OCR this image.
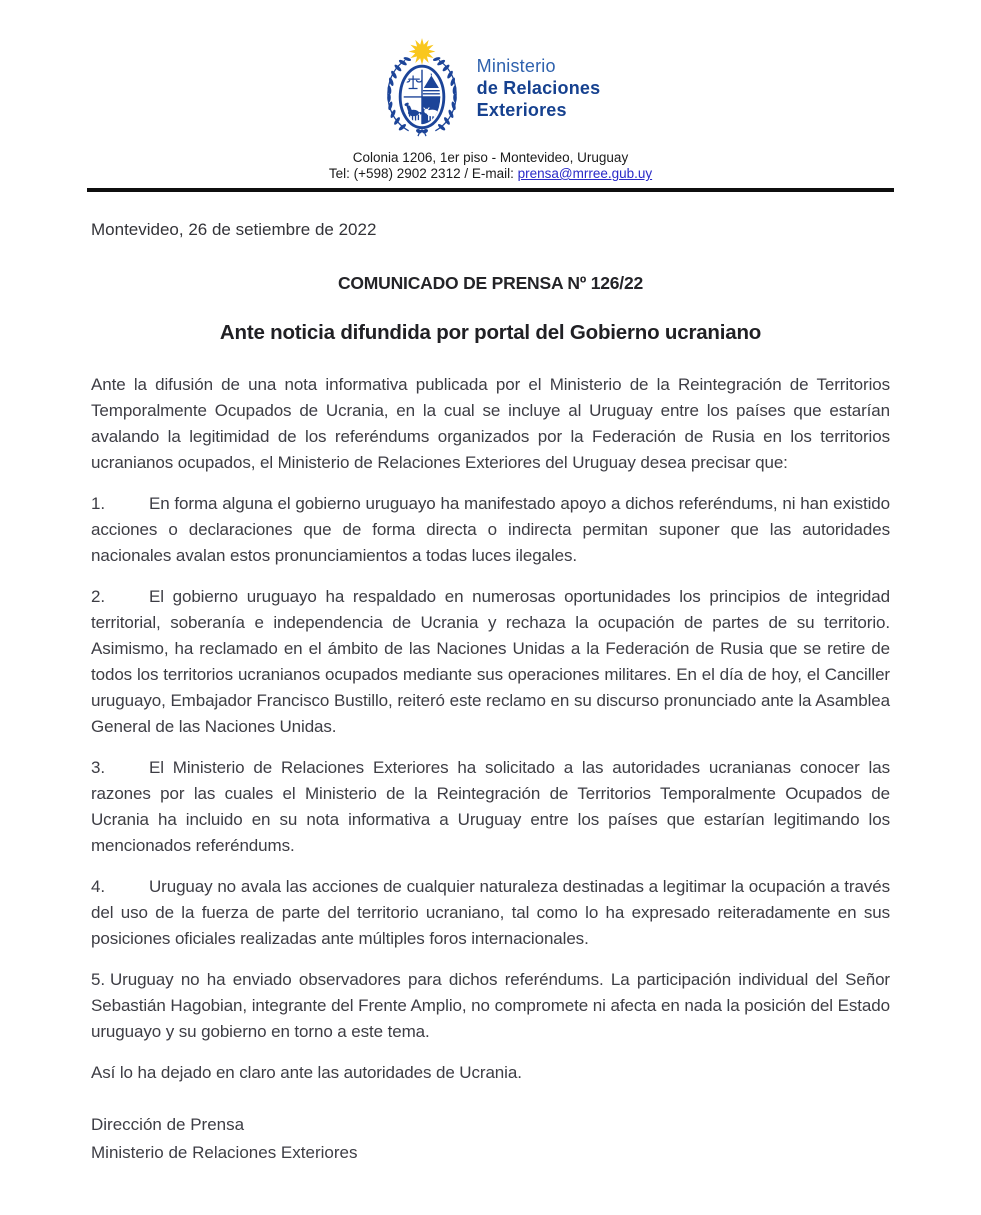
Ministerio
de Relaciones
Exteriores
Colonia 1206, 1er piso - Montevideo, Uruguay
Tel: (+598) 2902 2312 / E-mail: prensa@mrree.gub.uy
Montevideo, 26 de setiembre de 2022
COMUNICADO DE PRENSA Nº 126/22
Ante noticia difundida por portal del Gobierno ucraniano

Ante la difusión de una nota informativa publicada por el Ministerio de la Reintegración de Territorios Temporalmente Ocupados de Ucrania, en la cual se incluye al Uruguay entre los países que estarían avalando la legitimidad de los referéndums organizados por la Federación de Rusia en los territorios ucranianos ocupados, el Ministerio de Relaciones Exteriores del Uruguay desea precisar que:

1.	En forma alguna el gobierno uruguayo ha manifestado apoyo a dichos referéndums, ni han existido acciones o declaraciones que de forma directa o indirecta permitan suponer que las autoridades nacionales avalan estos pronunciamientos a todas luces ilegales.

2.	El gobierno uruguayo ha respaldado en numerosas oportunidades los principios de integridad territorial, soberanía e independencia de Ucrania y rechaza la ocupación de partes de su territorio. Asimismo, ha reclamado en el ámbito de las Naciones Unidas a la Federación de Rusia que se retire de todos los territorios ucranianos ocupados mediante sus operaciones militares. En el día de hoy, el Canciller uruguayo, Embajador Francisco Bustillo, reiteró este reclamo en su discurso pronunciado ante la Asamblea General de las Naciones Unidas.

3.	El Ministerio de Relaciones Exteriores ha solicitado a las autoridades ucranianas conocer las razones por las cuales el Ministerio de la Reintegración de Territorios Temporalmente Ocupados de Ucrania ha incluido en su nota informativa a Uruguay entre los países que estarían legitimando los mencionados referéndums.

4.	Uruguay no avala las acciones de cualquier naturaleza destinadas a legitimar la ocupación a través del uso de la fuerza de parte del territorio ucraniano, tal como lo ha expresado reiteradamente en sus posiciones oficiales realizadas ante múltiples foros internacionales.

5. Uruguay no ha enviado observadores para dichos referéndums. La participación individual del Señor Sebastián Hagobian, integrante del Frente Amplio, no compromete ni afecta en nada la posición del Estado uruguayo y su gobierno en torno a este tema.

Así lo ha dejado en claro ante las autoridades de Ucrania.

Dirección de Prensa
Ministerio de Relaciones Exteriores
